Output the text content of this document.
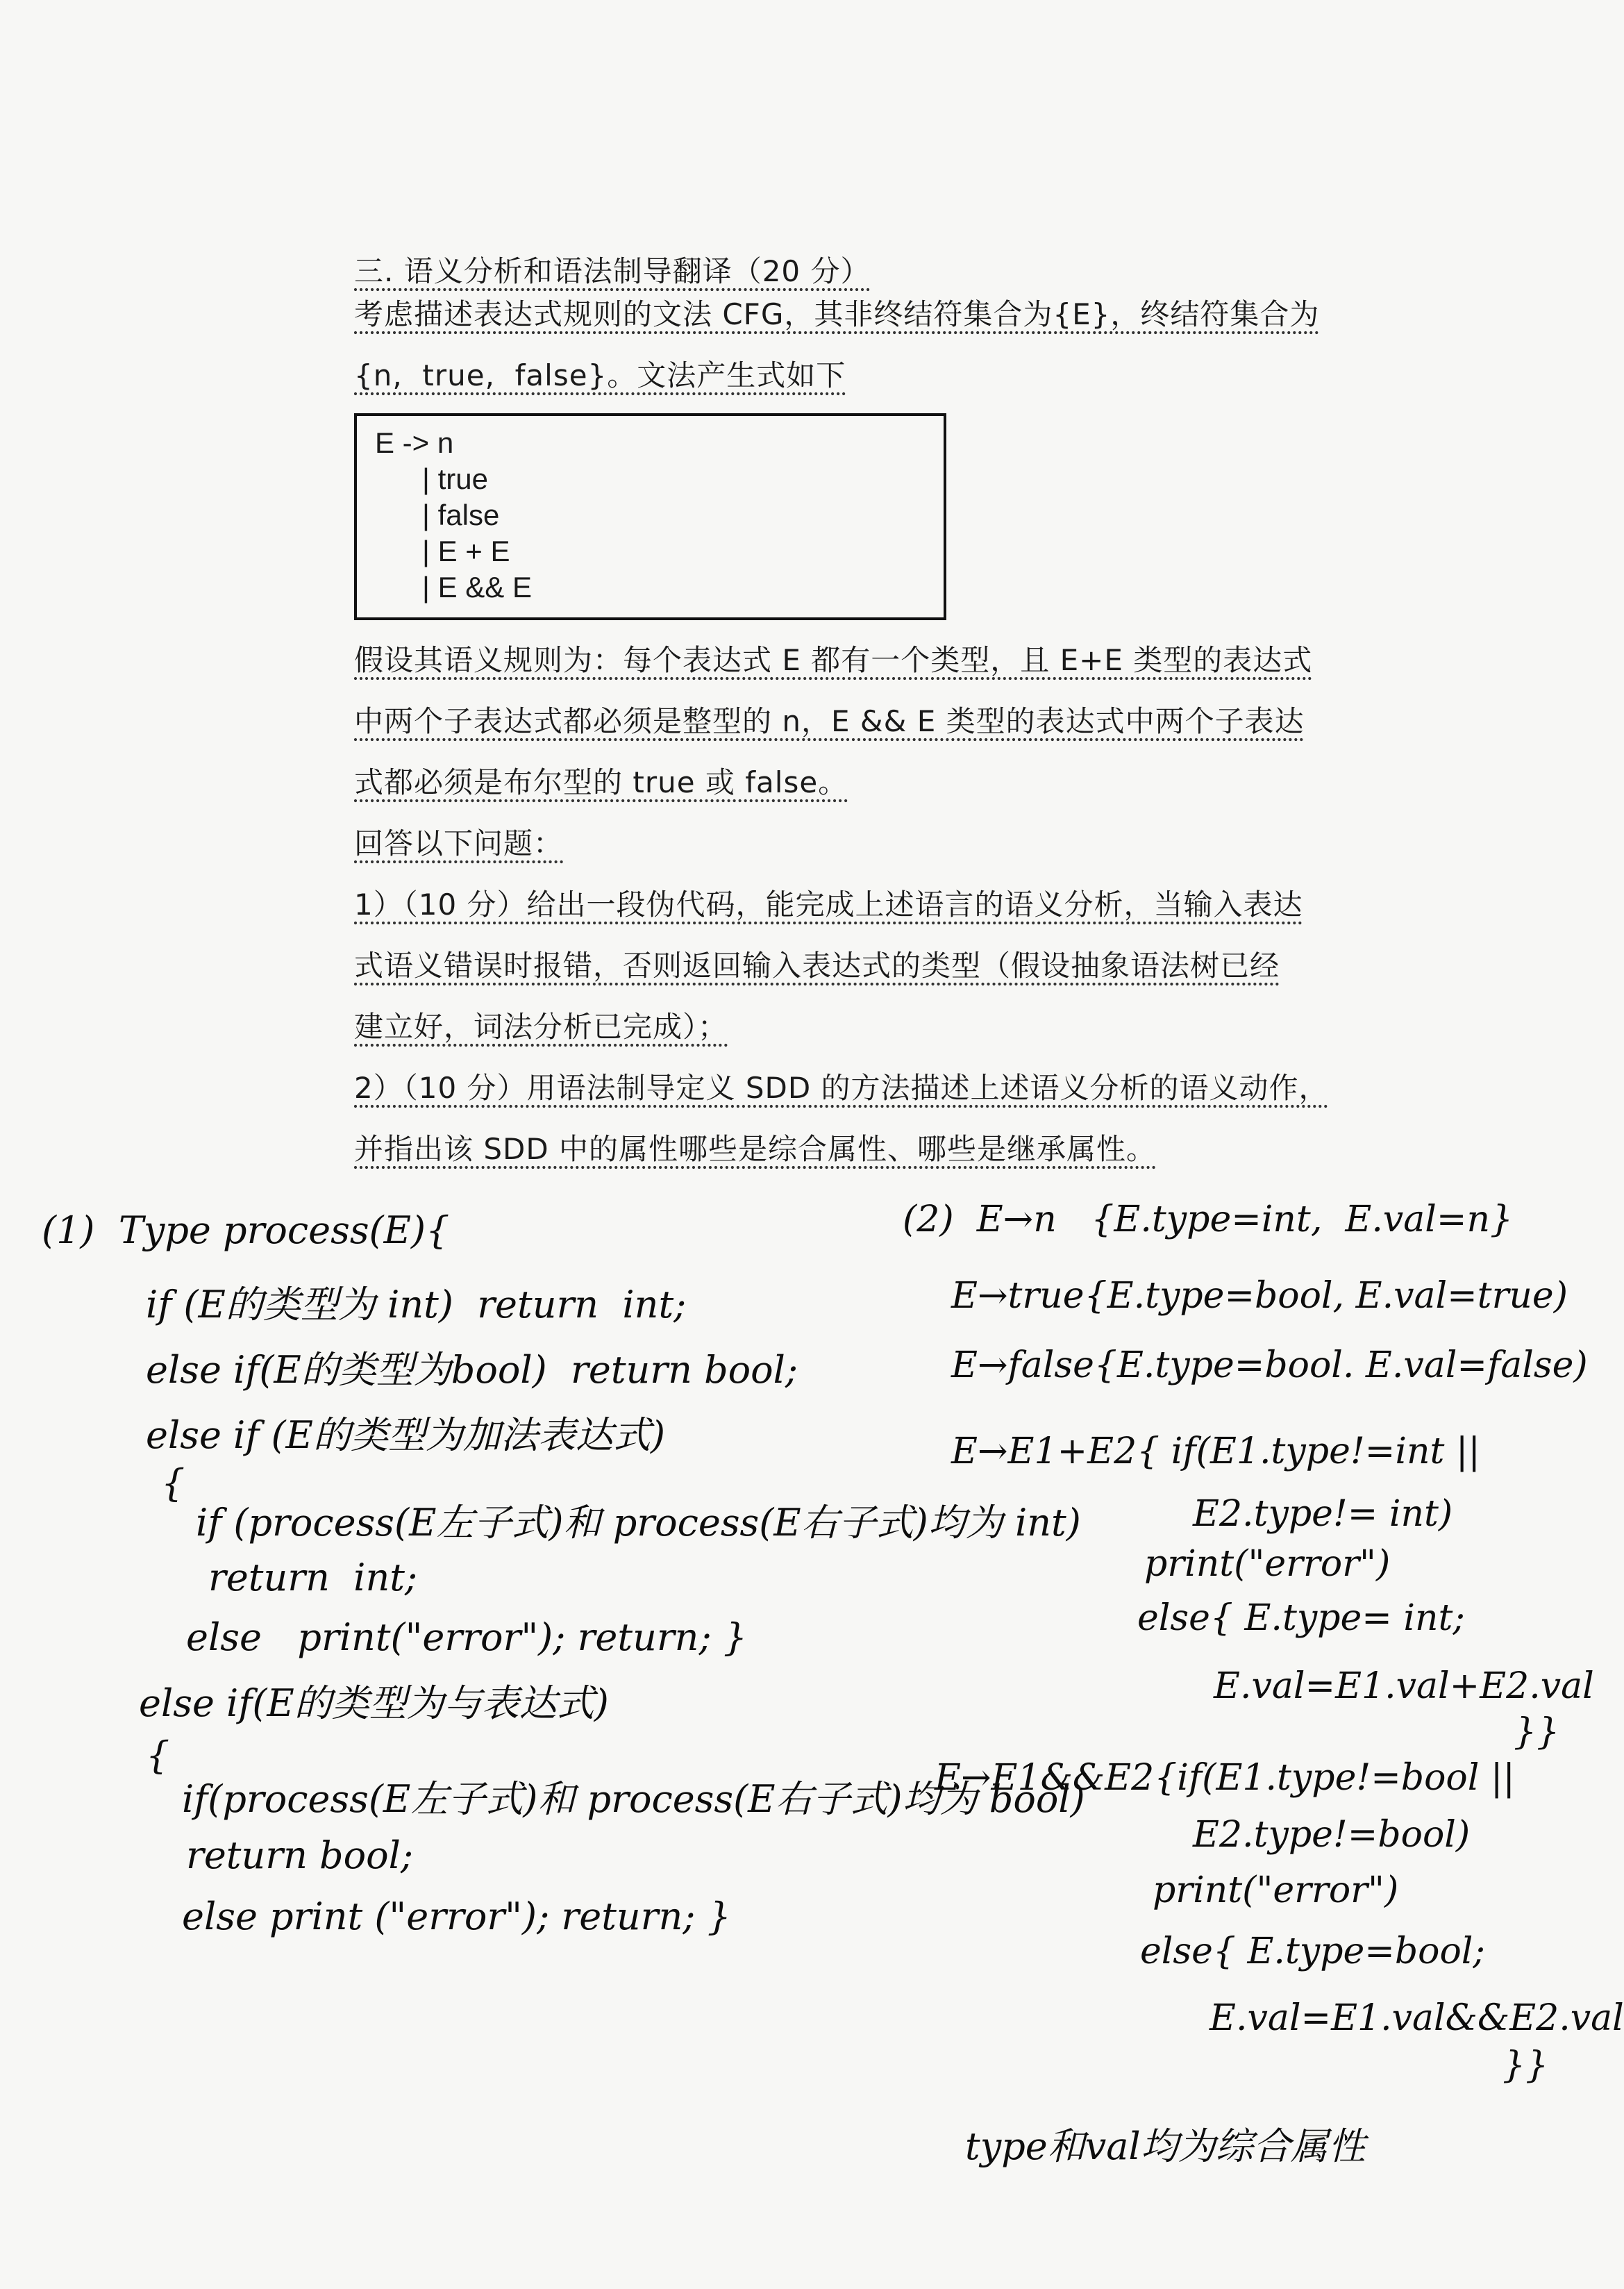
三. 语义分析和语法制导翻译（20 分）
考虑描述表达式规则的文法 CFG，其非终结符集合为{E}，终结符集合为
{n,  true,  false}。文法产生式如下
E -> n
| true
| false
| E + E
| E && E
假设其语义规则为：每个表达式 E 都有一个类型，且 E+E 类型的表达式
中两个子表达式都必须是整型的 n，E && E 类型的表达式中两个子表达
式都必须是布尔型的 true 或 false。
回答以下问题：
1）（10 分）给出一段伪代码，能完成上述语言的语义分析，当输入表达
式语义错误时报错，否则返回输入表达式的类型（假设抽象语法树已经
建立好，词法分析已完成）；
2）（10 分）用语法制导定义 SDD 的方法描述上述语义分析的语义动作，
并指出该 SDD 中的属性哪些是综合属性、哪些是继承属性。
(1)  Type process(E){
if (E的类型为 int)  return  int;
else if(E的类型为bool)  return bool;
else if (E的类型为加法表达式)
{
if (process(E左子式)和 process(E右子式)均为 int)
return  int;
else   print("error"); return; }
else if(E的类型为与表达式)
{
if(process(E左子式)和 process(E右子式)均为 bool)
return bool;
else print ("error"); return; }
(2)  E→n   {E.type=int,  E.val=n}
E→true{E.type=bool, E.val=true)
E→false{E.type=bool. E.val=false)
E→E1+E2{ if(E1.type!=int ||
E2.type!= int)
print("error")
else{ E.type= int;
E.val=E1.val+E2.val
}}
E→E1&&E2{if(E1.type!=bool ||
E2.type!=bool)
print("error")
else{ E.type=bool;
E.val=E1.val&&E2.val
}}
type和val均为综合属性
